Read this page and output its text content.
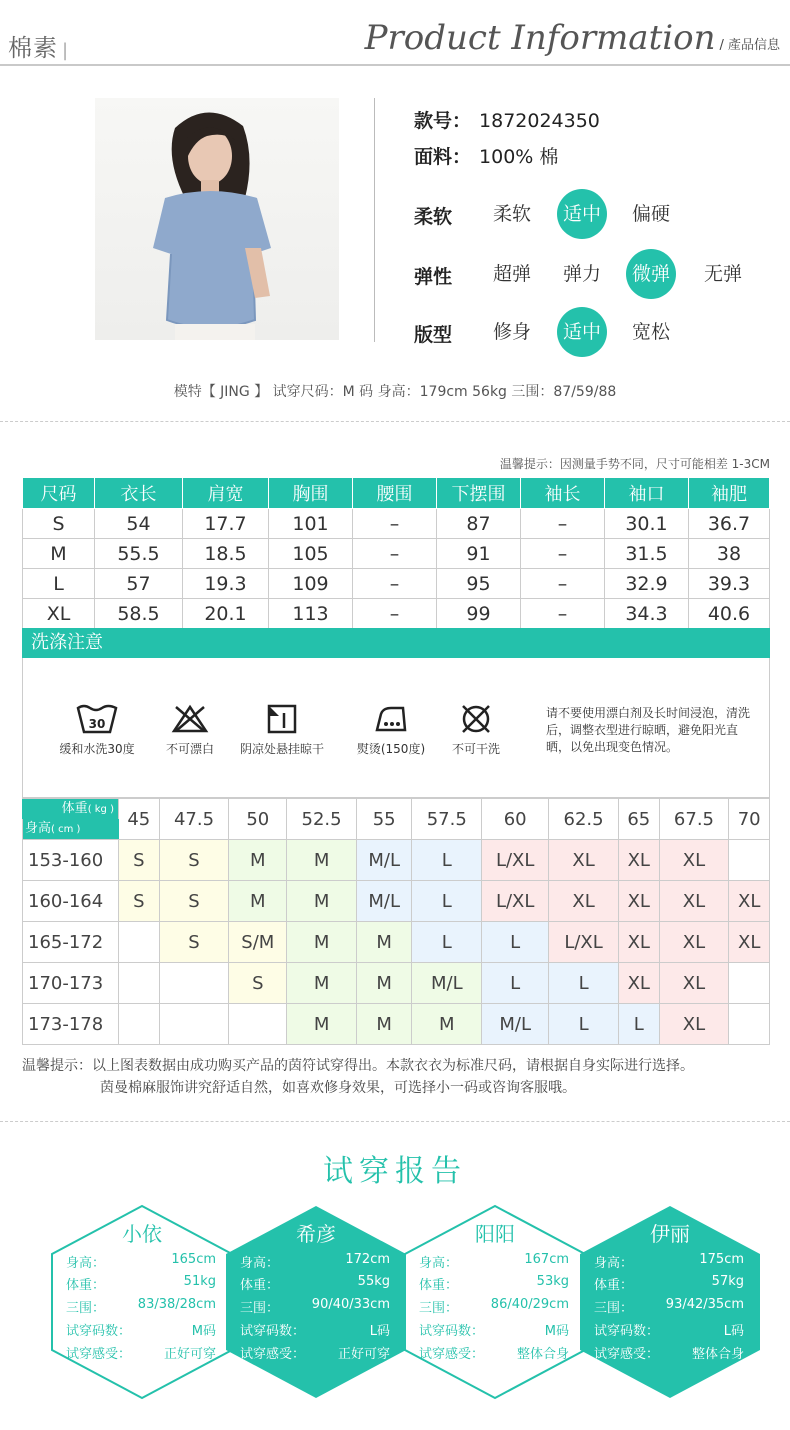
棉素 |	Product Information / 產品信息
款号： 1872024350
面料： 100% 棉
柔软	柔软	适中	偏硬
弹性	超弹	弹力	微弹	无弹
版型	修身	适中	宽松
模特【 JING 】 试穿尺码：M 码 身高：179cm 56kg 三围：87/59/88
温馨提示：因测量手势不同，尺寸可能相差 1-3CM
尺码	衣长	肩宽	胸围	腰围	下摆围	袖长	袖口	袖肥
S	54	17.7	101	–	87	–	30.1	36.7
M	55.5	18.5	105	–	91	–	31.5	38
L	57	19.3	109	–	95	–	32.9	39.3
XL	58.5	20.1	113	–	99	–	34.3	40.6
洗涤注意
30
缓和水洗30度	不可漂白	阴凉处悬挂晾干	熨烫(150度)	不可干洗
请不要使用漂白剂及长时间浸泡，清洗后，调整衣型进行晾晒，避免阳光直晒，以免出现变色情况。
体重( kg )
身高( cm )	45	47.5	50	52.5	55	57.5	60	62.5	65	67.5	70
153-160	S	S	M	M	M/L	L	L/XL	XL	XL	XL	
160-164	S	S	M	M	M/L	L	L/XL	XL	XL	XL	XL
165-172		S	S/M	M	M	L	L	L/XL	XL	XL	XL
170-173			S	M	M	M/L	L	L	XL	XL	
173-178				M	M	M	M/L	L	L	XL	
温馨提示：以上图表数据由成功购买产品的茵符试穿得出。本款衣衣为标准尺码，请根据自身实际进行选择。
茵曼棉麻服饰讲究舒适自然，如喜欢修身效果，可选择小一码或咨询客服哦。
试穿报告
小依
身高：	165cm
体重：	51kg
三围：	83/38/28cm
试穿码数：	M码
试穿感受：	正好可穿
希彦
身高：	172cm
体重：	55kg
三围：	90/40/33cm
试穿码数：	L码
试穿感受：	正好可穿
阳阳
身高：	167cm
体重：	53kg
三围：	86/40/29cm
试穿码数：	M码
试穿感受：	整体合身
伊丽
身高：	175cm
体重：	57kg
三围：	93/42/35cm
试穿码数：	L码
试穿感受：	整体合身
